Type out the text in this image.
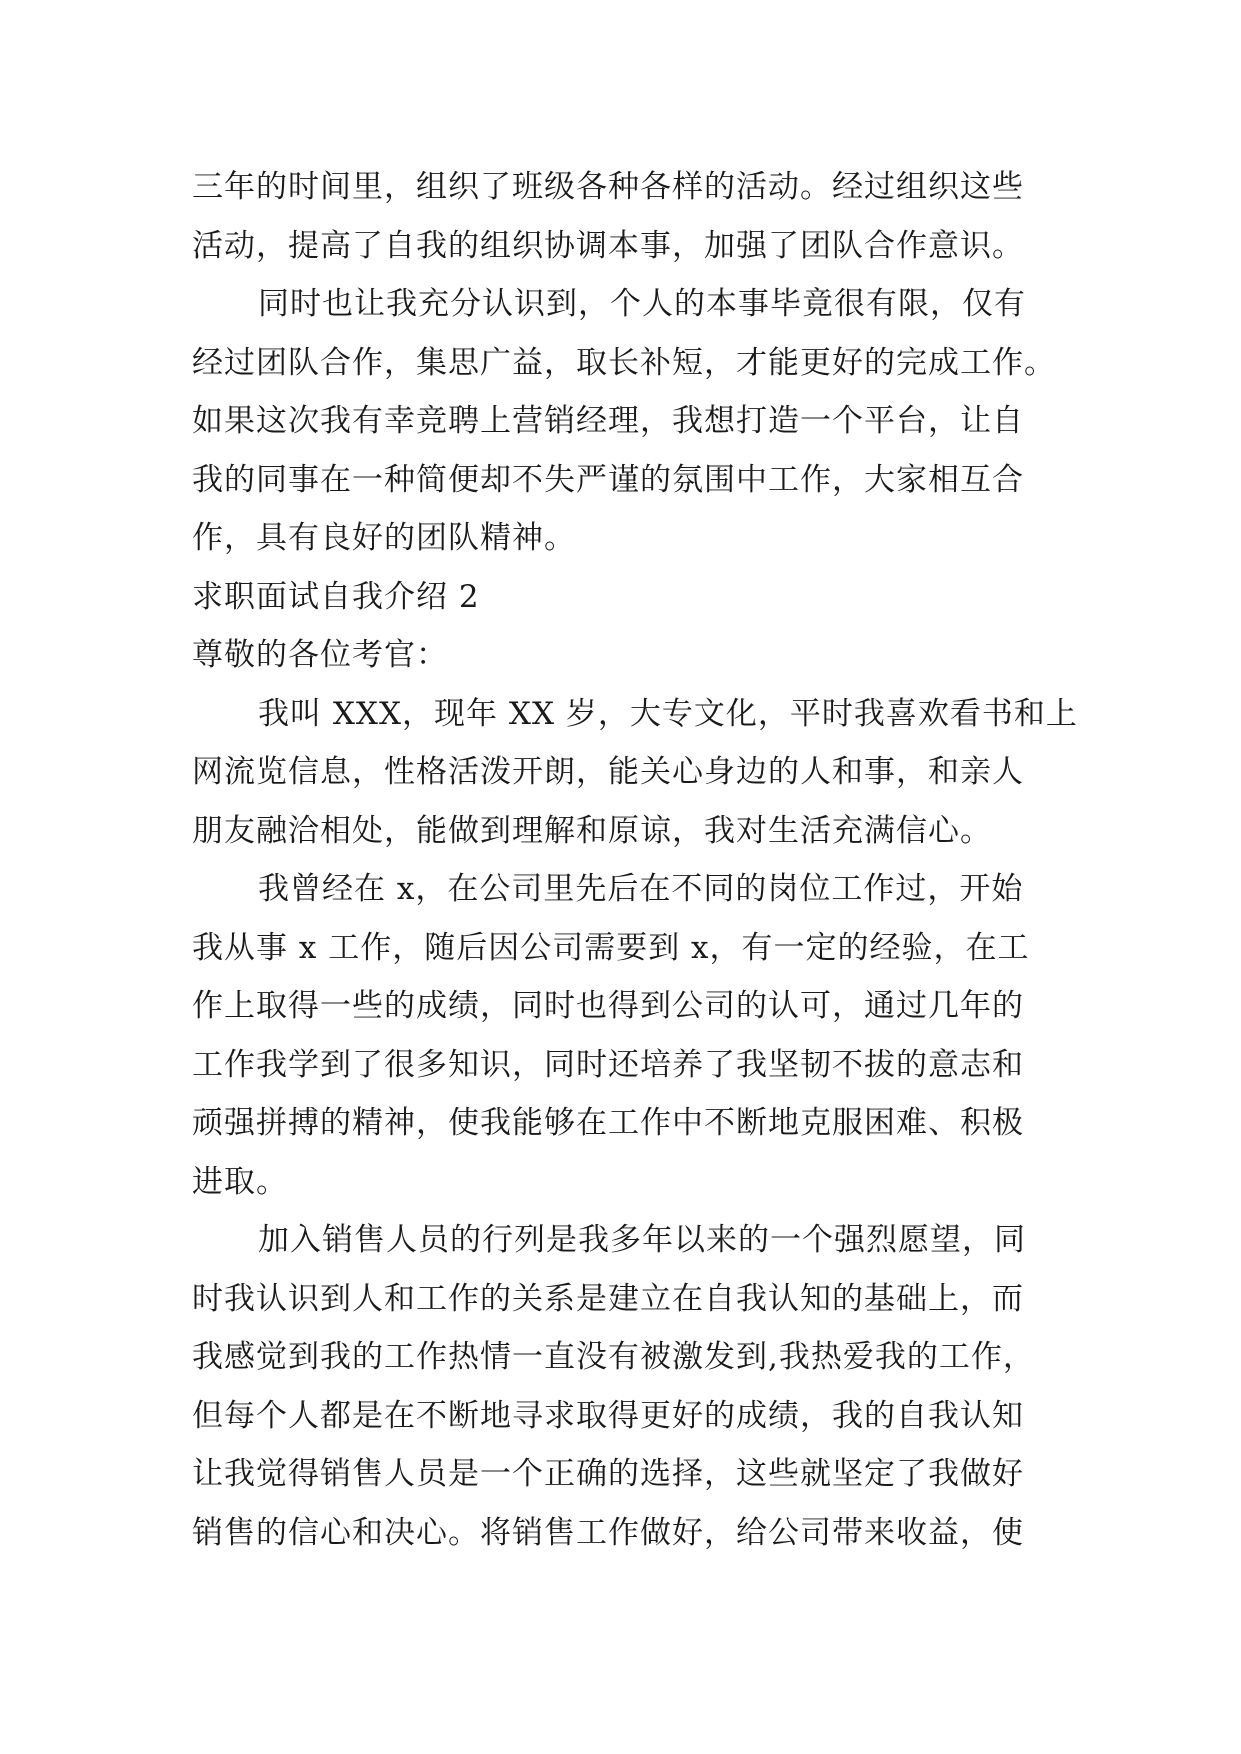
三年的时间里，组织了班级各种各样的活动。经过组织这些
活动，提高了自我的组织协调本事，加强了团队合作意识。
同时也让我充分认识到，个人的本事毕竟很有限，仅有
经过团队合作，集思广益，取长补短，才能更好的完成工作。
如果这次我有幸竞聘上营销经理，我想打造一个平台，让自
我的同事在一种简便却不失严谨的氛围中工作，大家相互合
作，具有良好的团队精神。
求职面试自我介绍 2
尊敬的各位考官：
我叫 XXX，现年 XX 岁，大专文化，平时我喜欢看书和上
网流览信息，性格活泼开朗，能关心身边的人和事，和亲人
朋友融洽相处，能做到理解和原谅，我对生活充满信心。
我曾经在 x，在公司里先后在不同的岗位工作过，开始
我从事 x 工作，随后因公司需要到 x，有一定的经验，在工
作上取得一些的成绩，同时也得到公司的认可，通过几年的
工作我学到了很多知识，同时还培养了我坚韧不拔的意志和
顽强拼搏的精神，使我能够在工作中不断地克服困难、积极
进取。
加入销售人员的行列是我多年以来的一个强烈愿望，同
时我认识到人和工作的关系是建立在自我认知的基础上，而
我感觉到我的工作热情一直没有被激发到,我热爱我的工作，
但每个人都是在不断地寻求取得更好的成绩，我的自我认知
让我觉得销售人员是一个正确的选择，这些就坚定了我做好
销售的信心和决心。将销售工作做好，给公司带来收益，使
